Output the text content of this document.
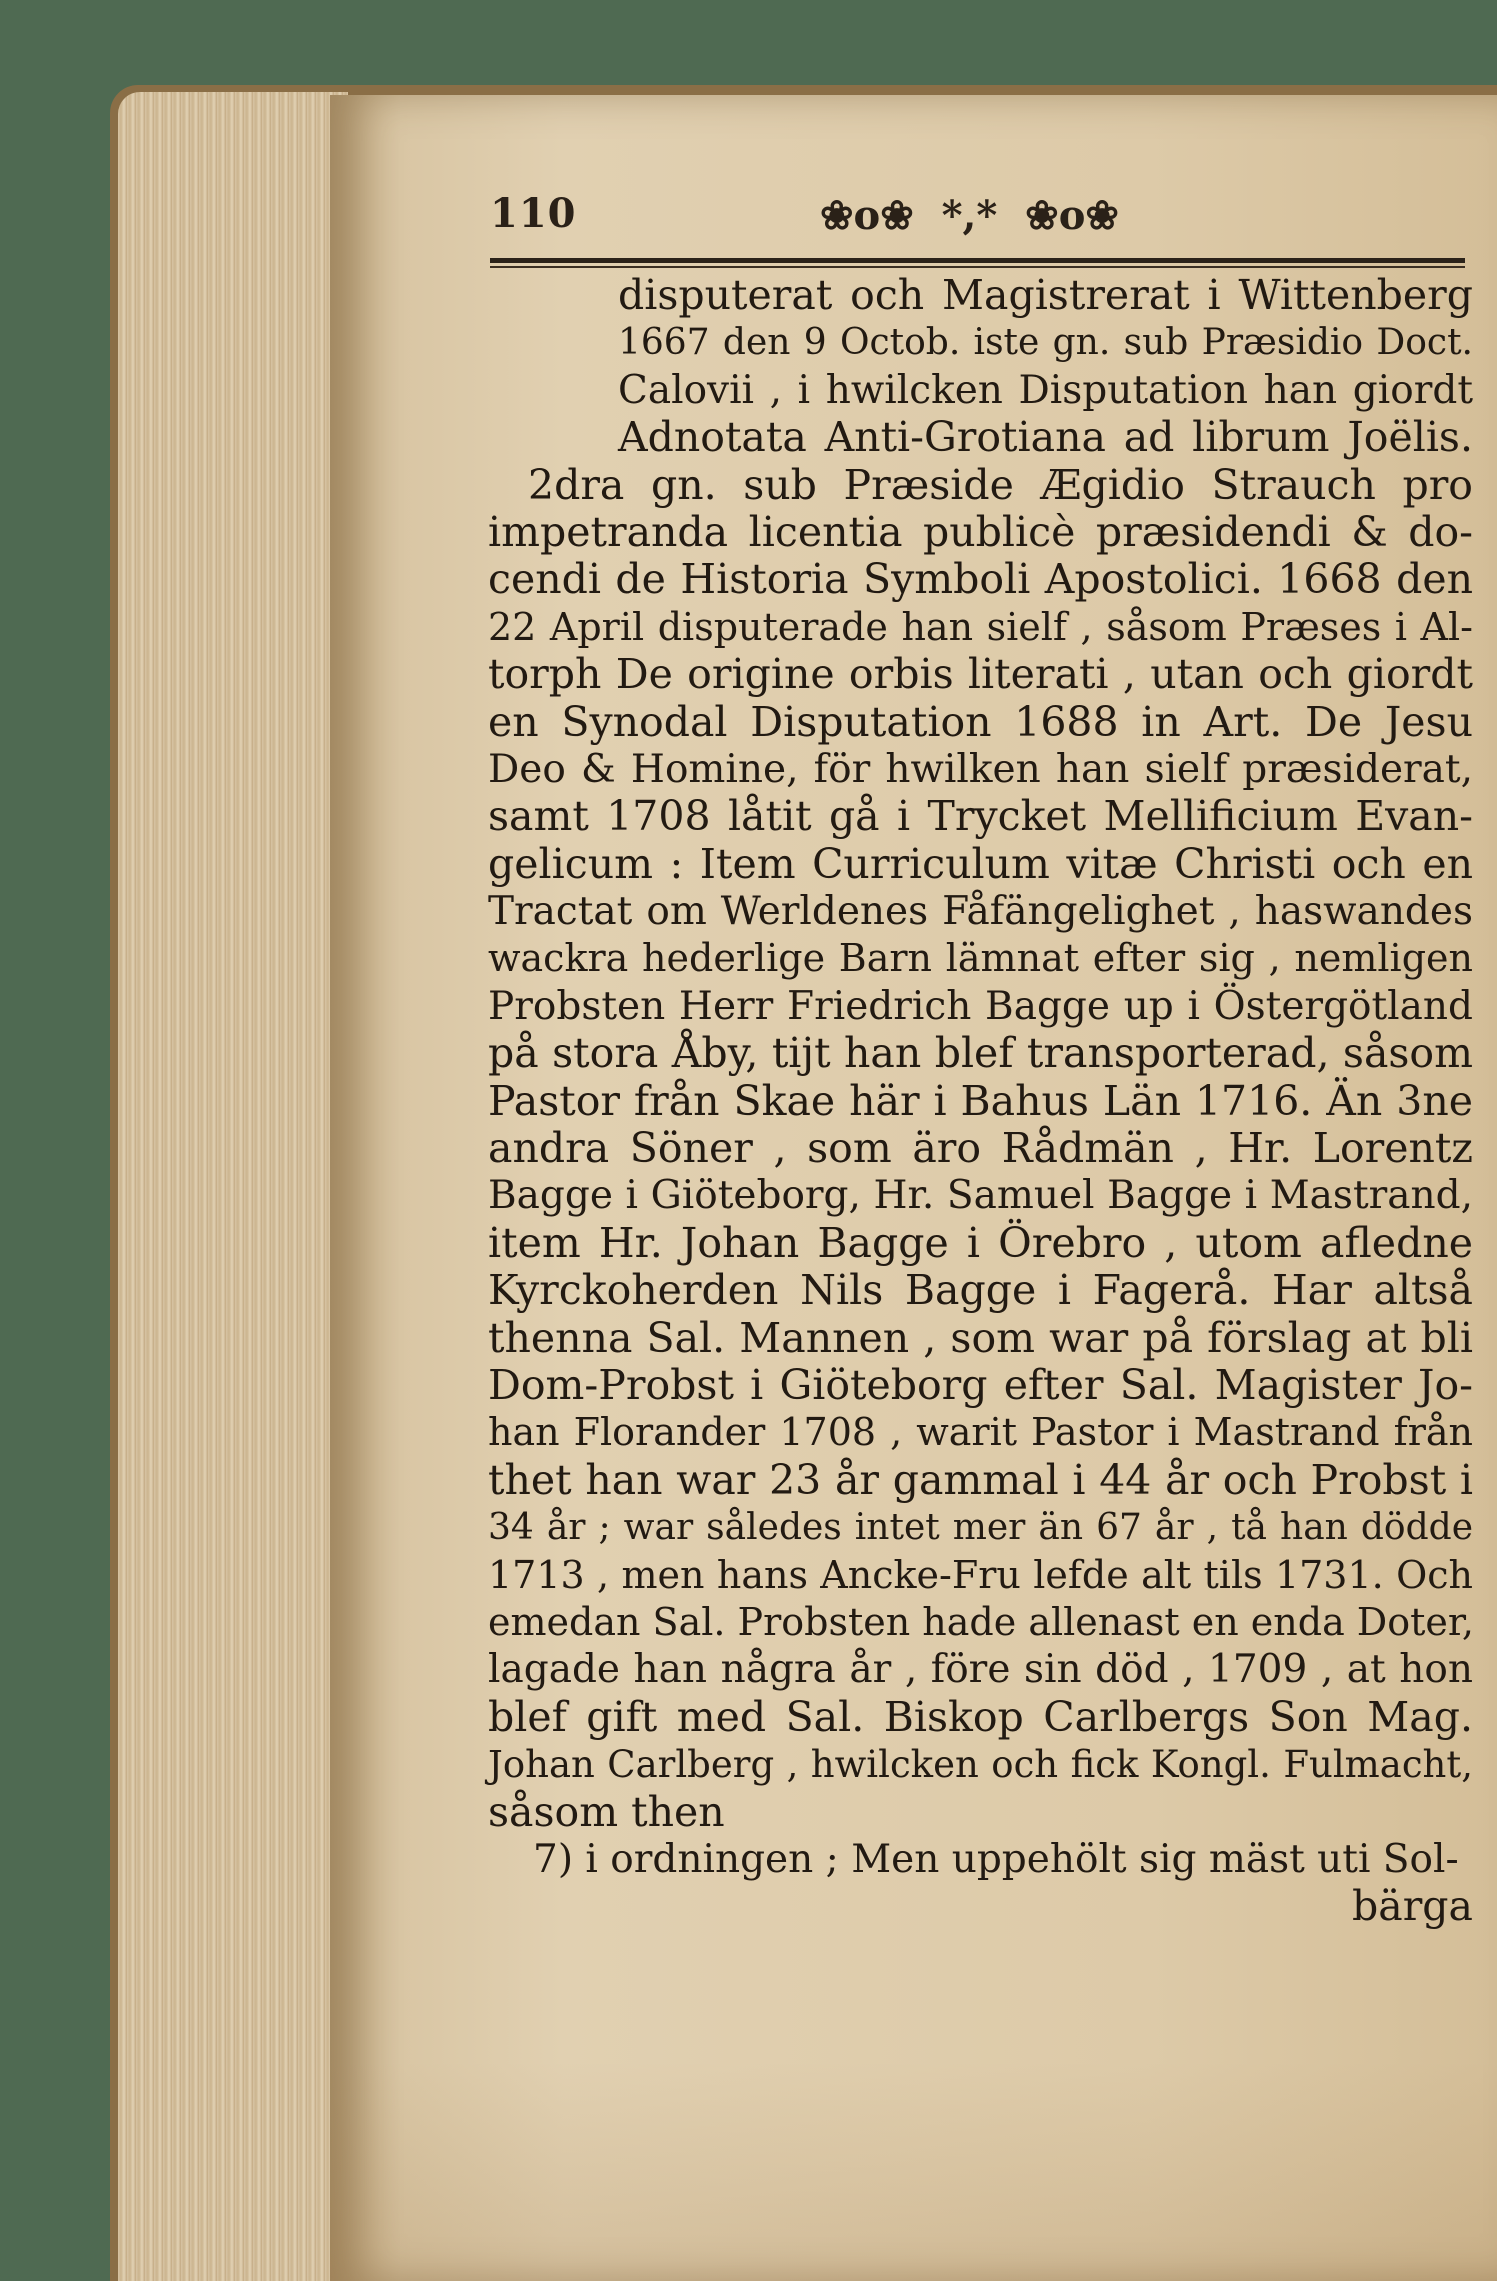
110	❀o❀  *,*  ❀o❀
disputerat och Magistrerat i Wittenberg
1667 den 9 Octob. iste gn. sub Præsidio Doct.
Calovii , i hwilcken Disputation han giordt
Adnotata Anti-Grotiana ad librum Joëlis.
2dra gn. sub Præside Ægidio Strauch pro
impetranda licentia publicè præsidendi & do-
cendi de Historia Symboli Apostolici. 1668 den
22 April disputerade han sielf , såsom Præses i Al-
torph De origine orbis literati , utan och giordt
en Synodal Disputation 1688 in Art. De Jesu
Deo & Homine, för hwilken han sielf præsiderat,
samt 1708 låtit gå i Trycket Mellificium Evan-
gelicum : Item Curriculum vitæ Christi och en
Tractat om Werldenes Fåfängelighet , haswandes
wackra hederlige Barn lämnat efter sig , nemligen
Probsten Herr Friedrich Bagge up i Östergötland
på stora Åby, tijt han blef transporterad, såsom
Pastor från Skae här i Bahus Län 1716. Än 3ne
andra Söner , som äro Rådmän , Hr. Lorentz
Bagge i Giöteborg, Hr. Samuel Bagge i Mastrand,
item Hr. Johan Bagge i Örebro , utom afledne
Kyrckoherden Nils Bagge i Fagerå. Har altså
thenna Sal. Mannen , som war på förslag at bli
Dom-Probst i Giöteborg efter Sal. Magister Jo-
han Florander 1708 , warit Pastor i Mastrand från
thet han war 23 år gammal i 44 år och Probst i
34 år ; war således intet mer än 67 år , tå han dödde
1713 , men hans Ancke-Fru lefde alt tils 1731. Och
emedan Sal. Probsten hade allenast en enda Doter,
lagade han några år , före sin död , 1709 , at hon
blef gift med Sal. Biskop Carlbergs Son Mag.
Johan Carlberg , hwilcken och fick Kongl. Fulmacht,
såsom then
7) i ordningen ; Men uppehölt sig mäst uti Sol-
bärga
